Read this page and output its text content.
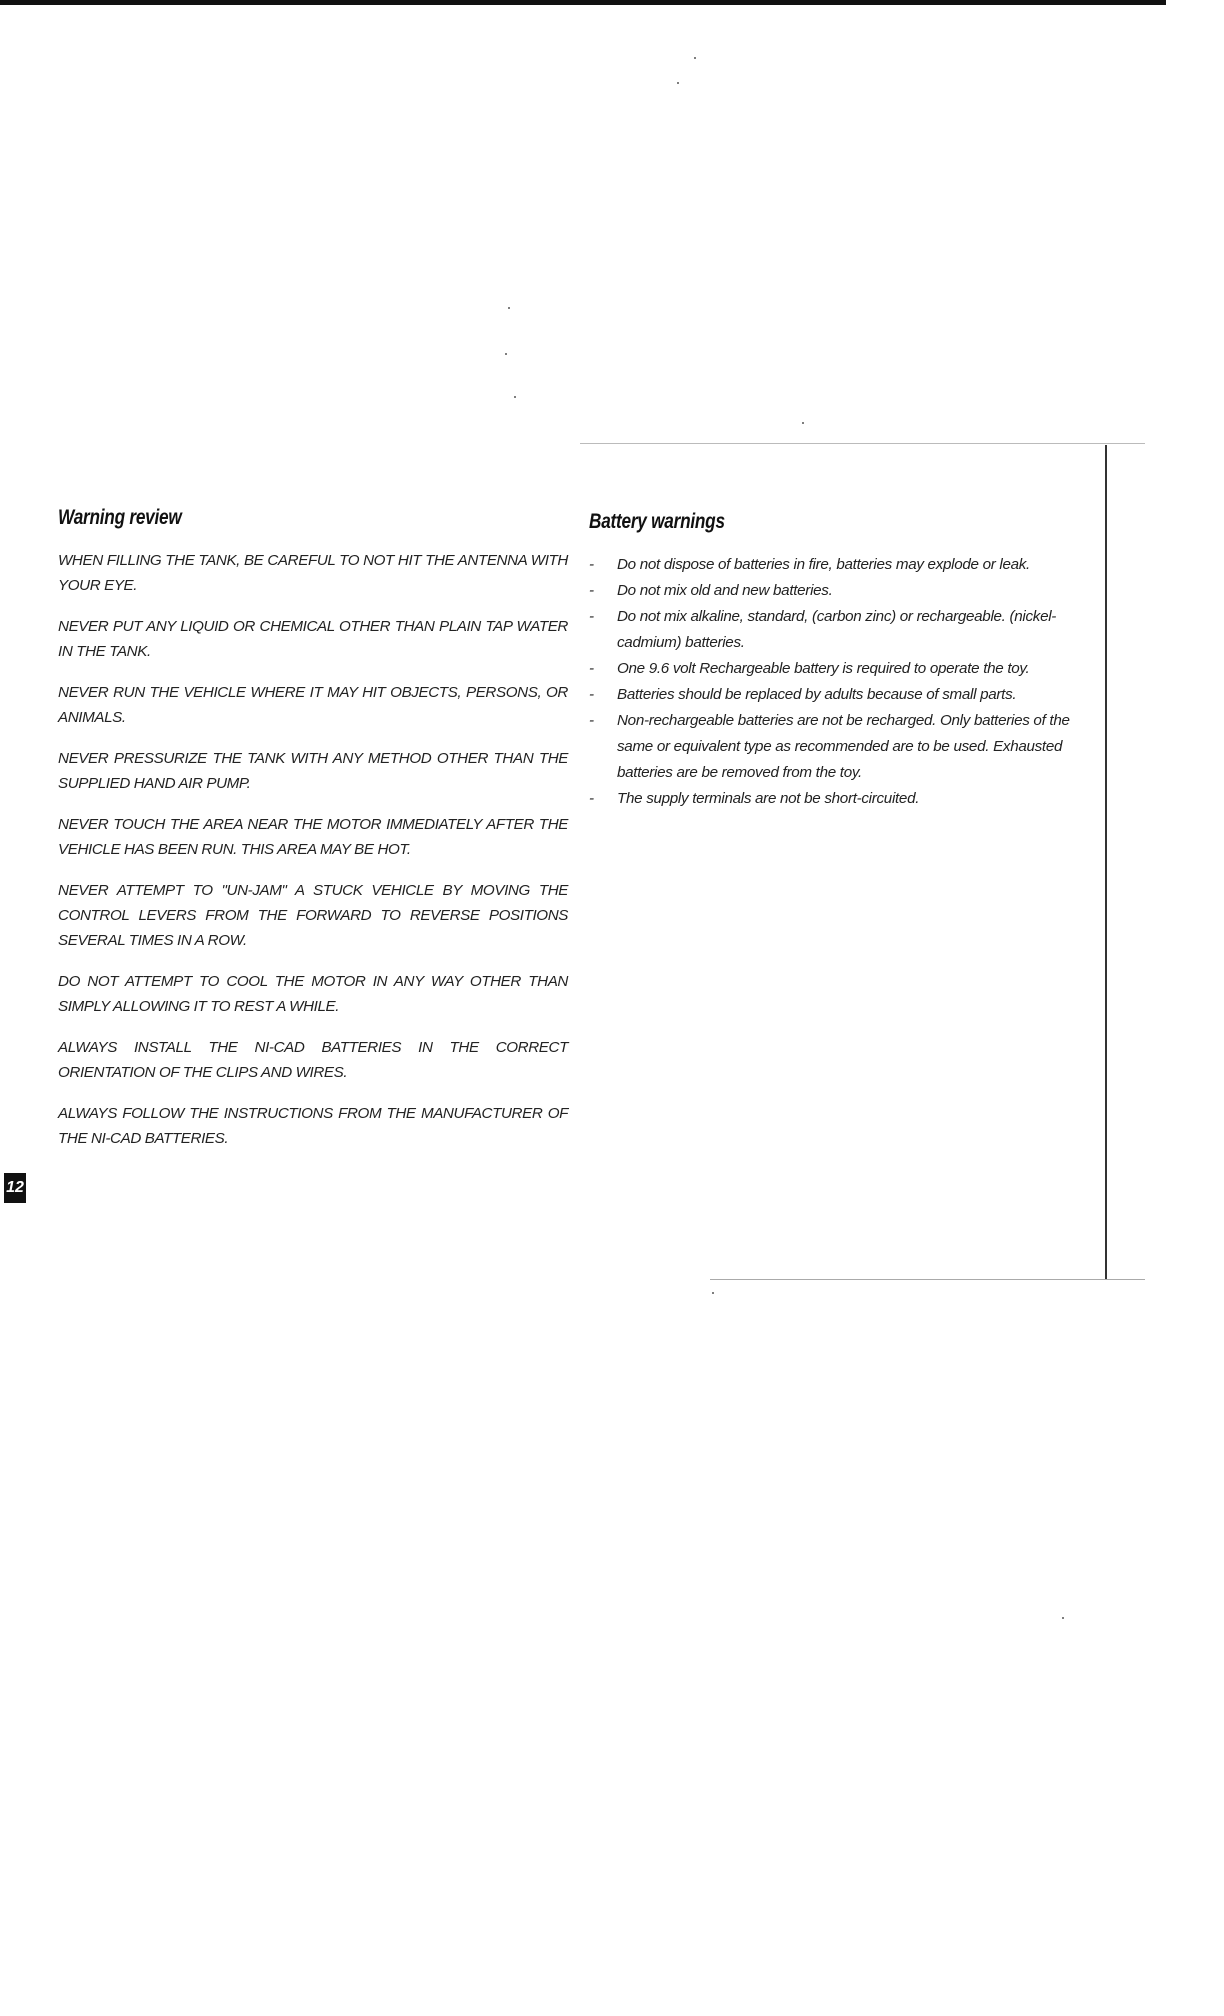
Warning review

WHEN FILLING THE TANK, BE CAREFUL TO NOT HIT THE ANTENNA WITH YOUR EYE.

NEVER PUT ANY LIQUID OR CHEMICAL OTHER THAN PLAIN TAP WATER IN THE TANK.

NEVER RUN THE VEHICLE WHERE IT MAY HIT OBJECTS, PERSONS, OR ANIMALS.

NEVER PRESSURIZE THE TANK WITH ANY METHOD OTHER THAN THE SUPPLIED HAND AIR PUMP.

NEVER TOUCH THE AREA NEAR THE MOTOR IMMEDIATELY AFTER THE VEHICLE HAS BEEN RUN. THIS AREA MAY BE HOT.

NEVER ATTEMPT TO "UN-JAM" A STUCK VEHICLE BY MOVING THE CONTROL LEVERS FROM THE FORWARD TO REVERSE POSITIONS SEVERAL TIMES IN A ROW.

DO NOT ATTEMPT TO COOL THE MOTOR IN ANY WAY OTHER THAN SIMPLY ALLOWING IT TO REST A WHILE.

ALWAYS INSTALL THE NI-CAD BATTERIES IN THE CORRECT ORIENTATION OF THE CLIPS AND WIRES.

ALWAYS FOLLOW THE INSTRUCTIONS FROM THE MANUFACTURER OF THE NI-CAD BATTERIES.

Battery warnings
- Do not dispose of batteries in fire, batteries may explode or leak.
- Do not mix old and new batteries.
- Do not mix alkaline, standard, (carbon zinc) or rechargeable. (nickel-cadmium) batteries.
- One 9.6 volt Rechargeable battery is required to operate the toy.
- Batteries should be replaced by adults because of small parts.
- Non-rechargeable batteries are not be recharged. Only batteries of the same or equivalent type as recommended are to be used. Exhausted batteries are be removed from the toy.
- The supply terminals are not be short-circuited.
12
